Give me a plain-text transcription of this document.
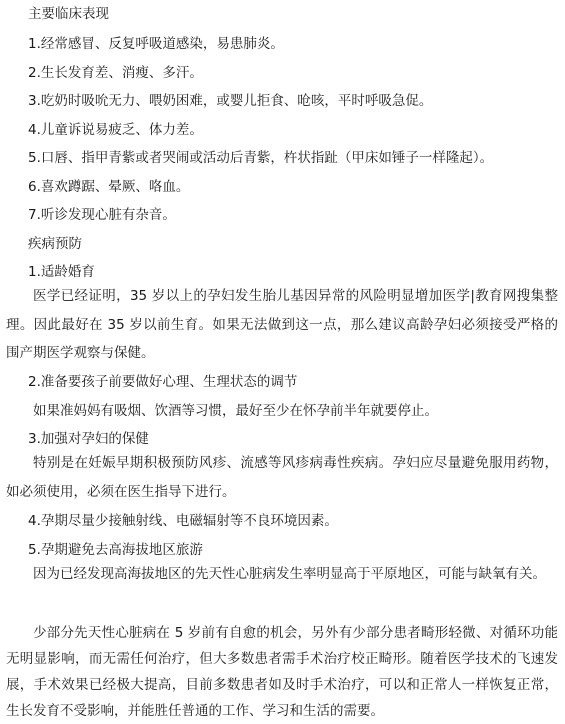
主要临床表现
1.经常感冒、反复呼吸道感染，易患肺炎。
2.生长发育差、消瘦、多汗。
3.吃奶时吸吮无力、喂奶困难，或婴儿拒食、呛咳，平时呼吸急促。
4.儿童诉说易疲乏、体力差。
5.口唇、指甲青紫或者哭闹或活动后青紫，杵状指趾（甲床如锤子一样隆起）。
6.喜欢蹲踞、晕厥、咯血。
7.听诊发现心脏有杂音。
疾病预防
1.适龄婚育
医学已经证明，35 岁以上的孕妇发生胎儿基因异常的风险明显增加医学|教育网搜集整理。因此最好在 35 岁以前生育。如果无法做到这一点，那么建议高龄孕妇必须接受严格的围产期医学观察与保健。
2.准备要孩子前要做好心理、生理状态的调节
如果准妈妈有吸烟、饮酒等习惯，最好至少在怀孕前半年就要停止。
3.加强对孕妇的保健
特别是在妊娠早期积极预防风疹、流感等风疹病毒性疾病。孕妇应尽量避免服用药物，如必须使用，必须在医生指导下进行。
4.孕期尽量少接触射线、电磁辐射等不良环境因素。
5.孕期避免去高海拔地区旅游
因为已经发现高海拔地区的先天性心脏病发生率明显高于平原地区，可能与缺氧有关。
少部分先天性心脏病在 5 岁前有自愈的机会，另外有少部分患者畸形轻微、对循环功能无明显影响，而无需任何治疗，但大多数患者需手术治疗校正畸形。随着医学技术的飞速发展，手术效果已经极大提高，目前多数患者如及时手术治疗，可以和正常人一样恢复正常，生长发育不受影响，并能胜任普通的工作、学习和生活的需要。
